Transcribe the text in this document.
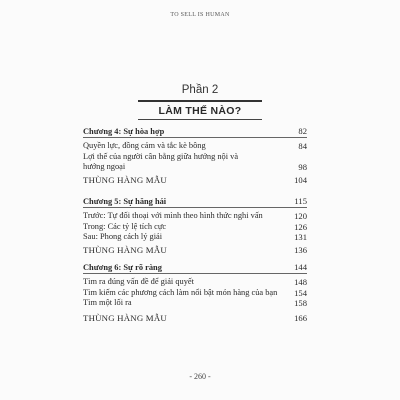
TO SELL IS HUMAN
Phần 2
LÀM THẾ NÀO?
Chương 4: Sự hòa hợp	82
Quyền lực, đồng cảm và tắc kè bông	84
Lợi thế của người cân bằng giữa hướng nội và hướng ngoại	98
THÙNG HÀNG MẪU	104
Chương 5: Sự hăng hái	115
Trước: Tự đối thoại với mình theo hình thức nghi vấn	120
Trong: Các tỷ lệ tích cực	126
Sau: Phong cách lý giải	131
THÙNG HÀNG MẪU	136
Chương 6: Sự rõ ràng	144
Tìm ra đúng vấn đề để giải quyết	148
Tìm kiếm các phương cách làm nổi bật món hàng của bạn 154
Tìm một lối ra	158
THÙNG HÀNG MẪU	166
- 260 -
